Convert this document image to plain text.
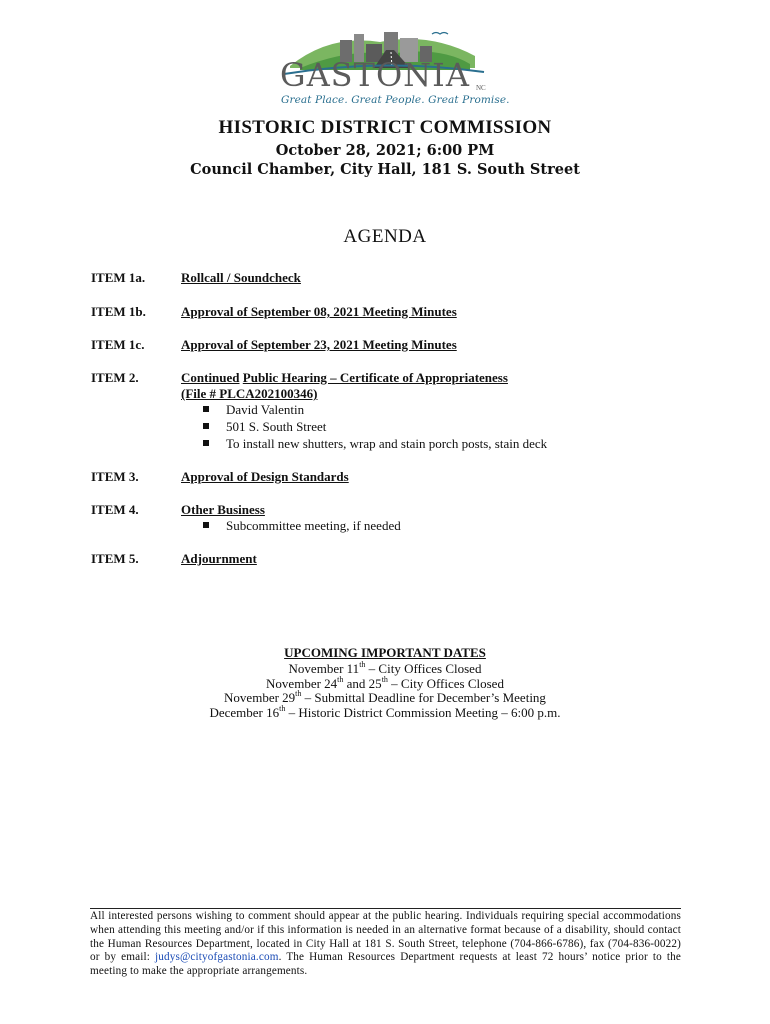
GASTONIA NC
Great Place. Great People. Great Promise.
HISTORIC DISTRICT COMMISSION
October 28, 2021; 6:00 PM
Council Chamber, City Hall, 181 S. South Street
AGENDA
ITEM 1a.	Rollcall / Soundcheck
ITEM 1b.	Approval of September 08, 2021 Meeting Minutes
ITEM 1c.	Approval of September 23, 2021 Meeting Minutes
ITEM 2.	Continued Public Hearing – Certificate of Appropriateness
(File # PLCA202100346)
David Valentin
501 S. South Street
To install new shutters, wrap and stain porch posts, stain deck
ITEM 3.	Approval of Design Standards
ITEM 4.	Other Business
Subcommittee meeting, if needed
ITEM 5.	Adjournment
UPCOMING IMPORTANT DATES
November 11th – City Offices Closed
November 24th and 25th – City Offices Closed
November 29th – Submittal Deadline for December’s Meeting
December 16th – Historic District Commission Meeting – 6:00 p.m.
All interested persons wishing to comment should appear at the public hearing. Individuals requiring special accommodations when attending this meeting and/or if this information is needed in an alternative format because of a disability, should contact the Human Resources Department, located in City Hall at 181 S. South Street, telephone (704-866-6786), fax (704-836-0022) or by email: judys@cityofgastonia.com. The Human Resources Department requests at least 72 hours’ notice prior to the meeting to make the appropriate arrangements.
